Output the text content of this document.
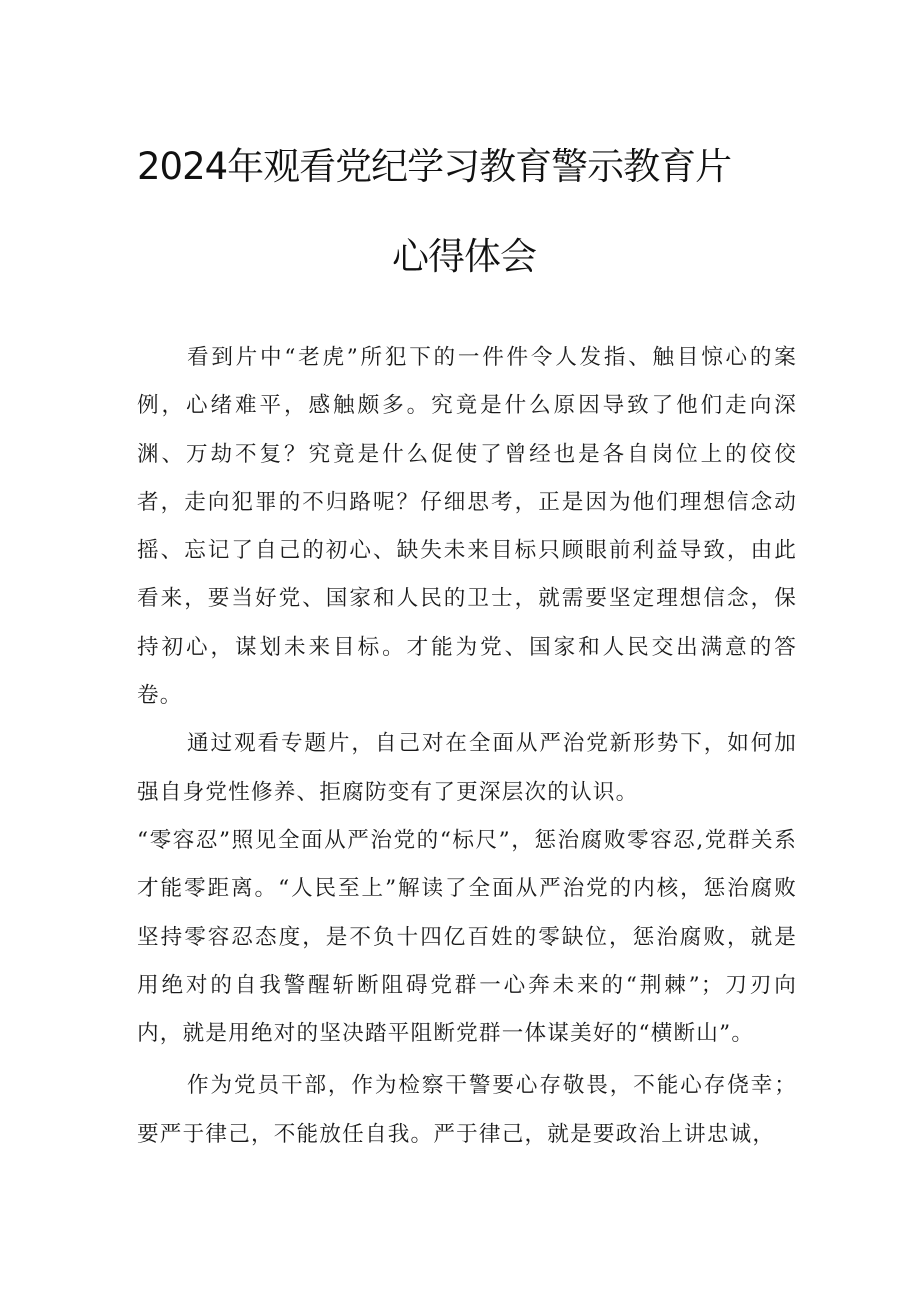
2024年观看党纪学习教育警示教育片
心得体会

看到片中“老虎”所犯下的一件件令人发指、触目惊心的案例，心绪难平，感触颇多。究竟是什么原因导致了他们走向深渊、万劫不复？究竟是什么促使了曾经也是各自岗位上的佼佼者，走向犯罪的不归路呢？仔细思考，正是因为他们理想信念动摇、忘记了自己的初心、缺失未来目标只顾眼前利益导致，由此看来，要当好党、国家和人民的卫士，就需要坚定理想信念，保持初心，谋划未来目标。才能为党、国家和人民交出满意的答卷。

通过观看专题片，自己对在全面从严治党新形势下，如何加强自身党性修养、拒腐防变有了更深层次的认识。

“零容忍”照见全面从严治党的“标尺”，惩治腐败零容忍,党群关系才能零距离。“人民至上”解读了全面从严治党的内核，惩治腐败坚持零容忍态度，是不负十四亿百姓的零缺位，惩治腐败，就是用绝对的自我警醒斩断阻碍党群一心奔未来的“荆棘”；刀刃向内，就是用绝对的坚决踏平阻断党群一体谋美好的“横断山”。

作为党员干部，作为检察干警要心存敬畏，不能心存侥幸；要严于律己，不能放任自我。严于律己，就是要政治上讲忠诚，
